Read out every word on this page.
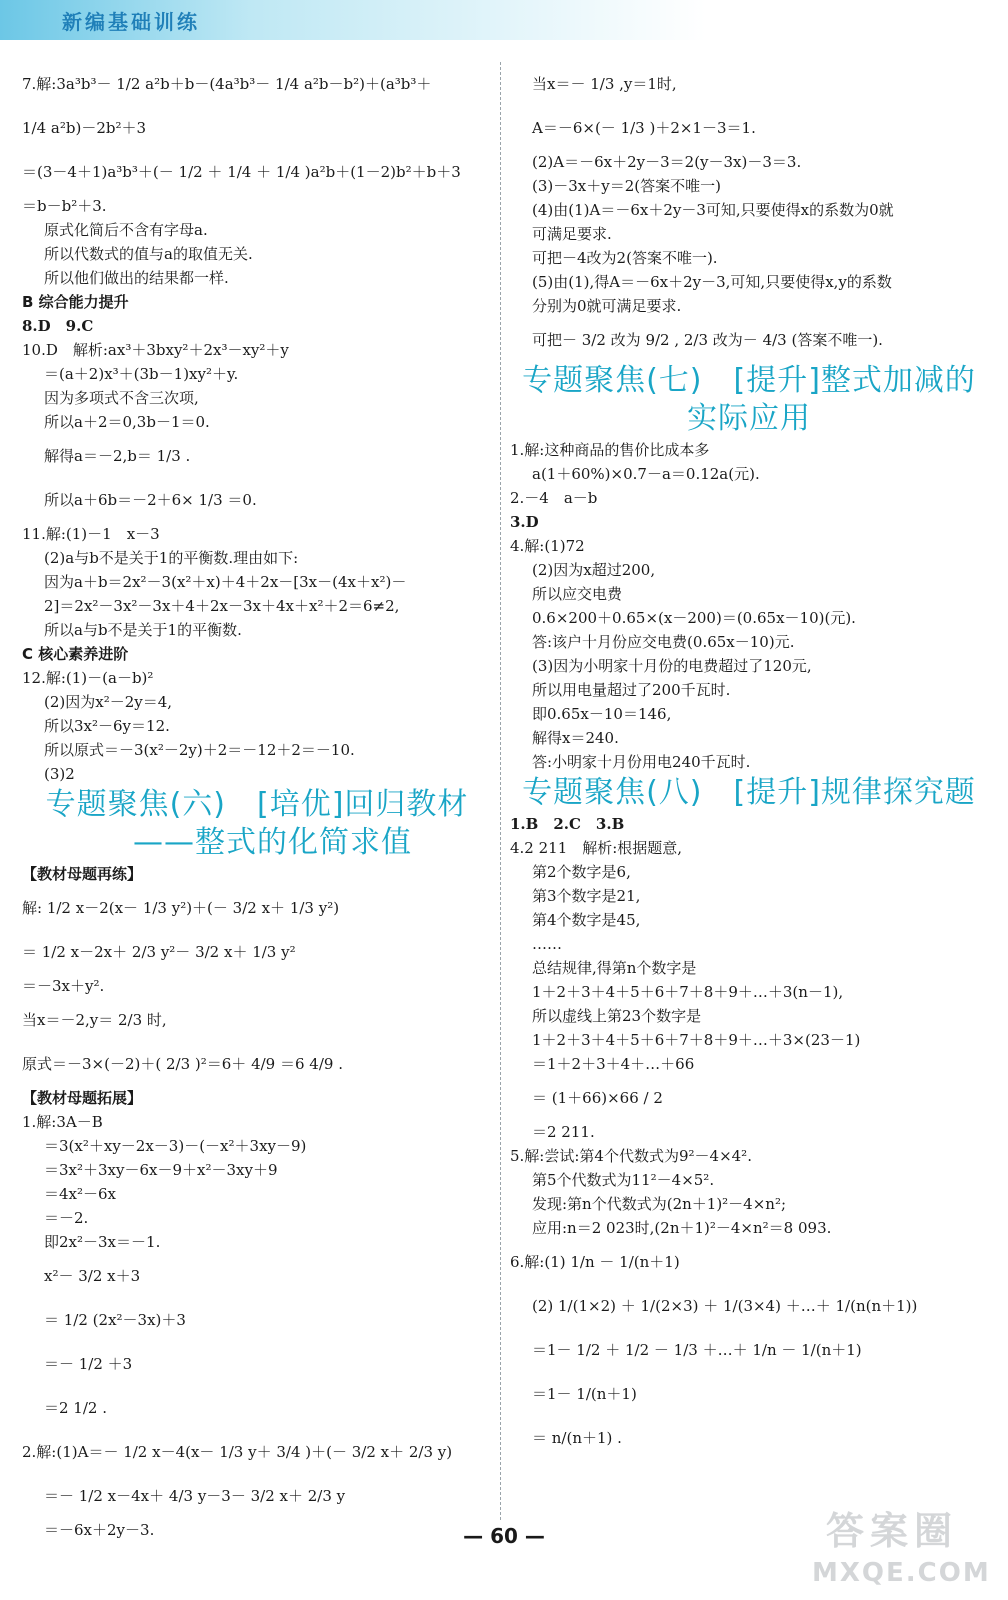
新编基础训练
7.解:3a³b³－ 1/2 a²b＋b－(4a³b³－ 1/4 a²b－b²)＋(a³b³＋
1/4 a²b)－2b²＋3
＝(3－4＋1)a³b³＋(－ 1/2 ＋ 1/4 ＋ 1/4 )a²b＋(1－2)b²＋b＋3
＝b－b²＋3.
原式化简后不含有字母a.
所以代数式的值与a的取值无关.
所以他们做出的结果都一样.
B 综合能力提升
8.D　9.C
10.D　解析:ax³＋3bxy²＋2x³－xy²＋y
＝(a＋2)x³＋(3b－1)xy²＋y.
因为多项式不含三次项,
所以a＋2＝0,3b－1＝0.
解得a＝－2,b＝ 1/3 .
所以a＋6b＝－2＋6× 1/3 ＝0.
11.解:(1)－1　x－3
(2)a与b不是关于1的平衡数.理由如下:
因为a＋b＝2x²－3(x²＋x)＋4＋2x－[3x－(4x＋x²)－
2]＝2x²－3x²－3x＋4＋2x－3x＋4x＋x²＋2＝6≠2,
所以a与b不是关于1的平衡数.
C 核心素养进阶
12.解:(1)－(a－b)²
(2)因为x²－2y＝4,
所以3x²－6y＝12.
所以原式＝－3(x²－2y)＋2＝－12＋2＝－10.
(3)2
专题聚焦(六)　[培优]回归教材
——整式的化简求值
【教材母题再练】
解: 1/2 x－2(x－ 1/3 y²)＋(－ 3/2 x＋ 1/3 y²)
＝ 1/2 x－2x＋ 2/3 y²－ 3/2 x＋ 1/3 y²
＝－3x＋y².
当x＝－2,y＝ 2/3 时,
原式＝－3×(－2)＋( 2/3 )²＝6＋ 4/9 ＝6 4/9 .
【教材母题拓展】
1.解:3A－B
＝3(x²＋xy－2x－3)－(－x²＋3xy－9)
＝3x²＋3xy－6x－9＋x²－3xy＋9
＝4x²－6x
＝－2.
即2x²－3x＝－1.
x²－ 3/2 x＋3
＝ 1/2 (2x²－3x)＋3
＝－ 1/2 ＋3
＝2 1/2 .
2.解:(1)A＝－ 1/2 x－4(x－ 1/3 y＋ 3/4 )＋(－ 3/2 x＋ 2/3 y)
＝－ 1/2 x－4x＋ 4/3 y－3－ 3/2 x＋ 2/3 y
＝－6x＋2y－3.
当x＝－ 1/3 ,y＝1时,
A＝－6×(－ 1/3 )＋2×1－3＝1.
(2)A＝－6x＋2y－3＝2(y－3x)－3＝3.
(3)－3x＋y＝2(答案不唯一)
(4)由(1)A＝－6x＋2y－3可知,只要使得x的系数为0就
可满足要求.
可把－4改为2(答案不唯一).
(5)由(1),得A＝－6x＋2y－3,可知,只要使得x,y的系数
分别为0就可满足要求.
可把－ 3/2 改为 9/2 , 2/3 改为－ 4/3 (答案不唯一).
专题聚焦(七)　[提升]整式加减的
实际应用
1.解:这种商品的售价比成本多
a(1＋60%)×0.7－a＝0.12a(元).
2.－4　a－b
3.D
4.解:(1)72
(2)因为x超过200,
所以应交电费
0.6×200＋0.65×(x－200)＝(0.65x－10)(元).
答:该户十月份应交电费(0.65x－10)元.
(3)因为小明家十月份的电费超过了120元,
所以用电量超过了200千瓦时.
即0.65x－10＝146,
解得x＝240.
答:小明家十月份用电240千瓦时.
专题聚焦(八)　[提升]规律探究题
1.B　2.C　3.B
4.2 211　解析:根据题意,
第2个数字是6,
第3个数字是21,
第4个数字是45,
……
总结规律,得第n个数字是
1＋2＋3＋4＋5＋6＋7＋8＋9＋…＋3(n－1),
所以虚线上第23个数字是
1＋2＋3＋4＋5＋6＋7＋8＋9＋…＋3×(23－1)
＝1＋2＋3＋4＋…＋66
＝ (1＋66)×66 / 2
＝2 211.
5.解:尝试:第4个代数式为9²－4×4².
第5个代数式为11²－4×5².
发现:第n个代数式为(2n＋1)²－4×n²;
应用:n＝2 023时,(2n＋1)²－4×n²＝8 093.
6.解:(1) 1/n － 1/(n＋1)
(2) 1/(1×2) ＋ 1/(2×3) ＋ 1/(3×4) ＋…＋ 1/(n(n＋1))
＝1－ 1/2 ＋ 1/2 － 1/3 ＋…＋ 1/n － 1/(n＋1)
＝1－ 1/(n＋1)
＝ n/(n＋1) .
— 60 —	答案圈
MXQE.COM
